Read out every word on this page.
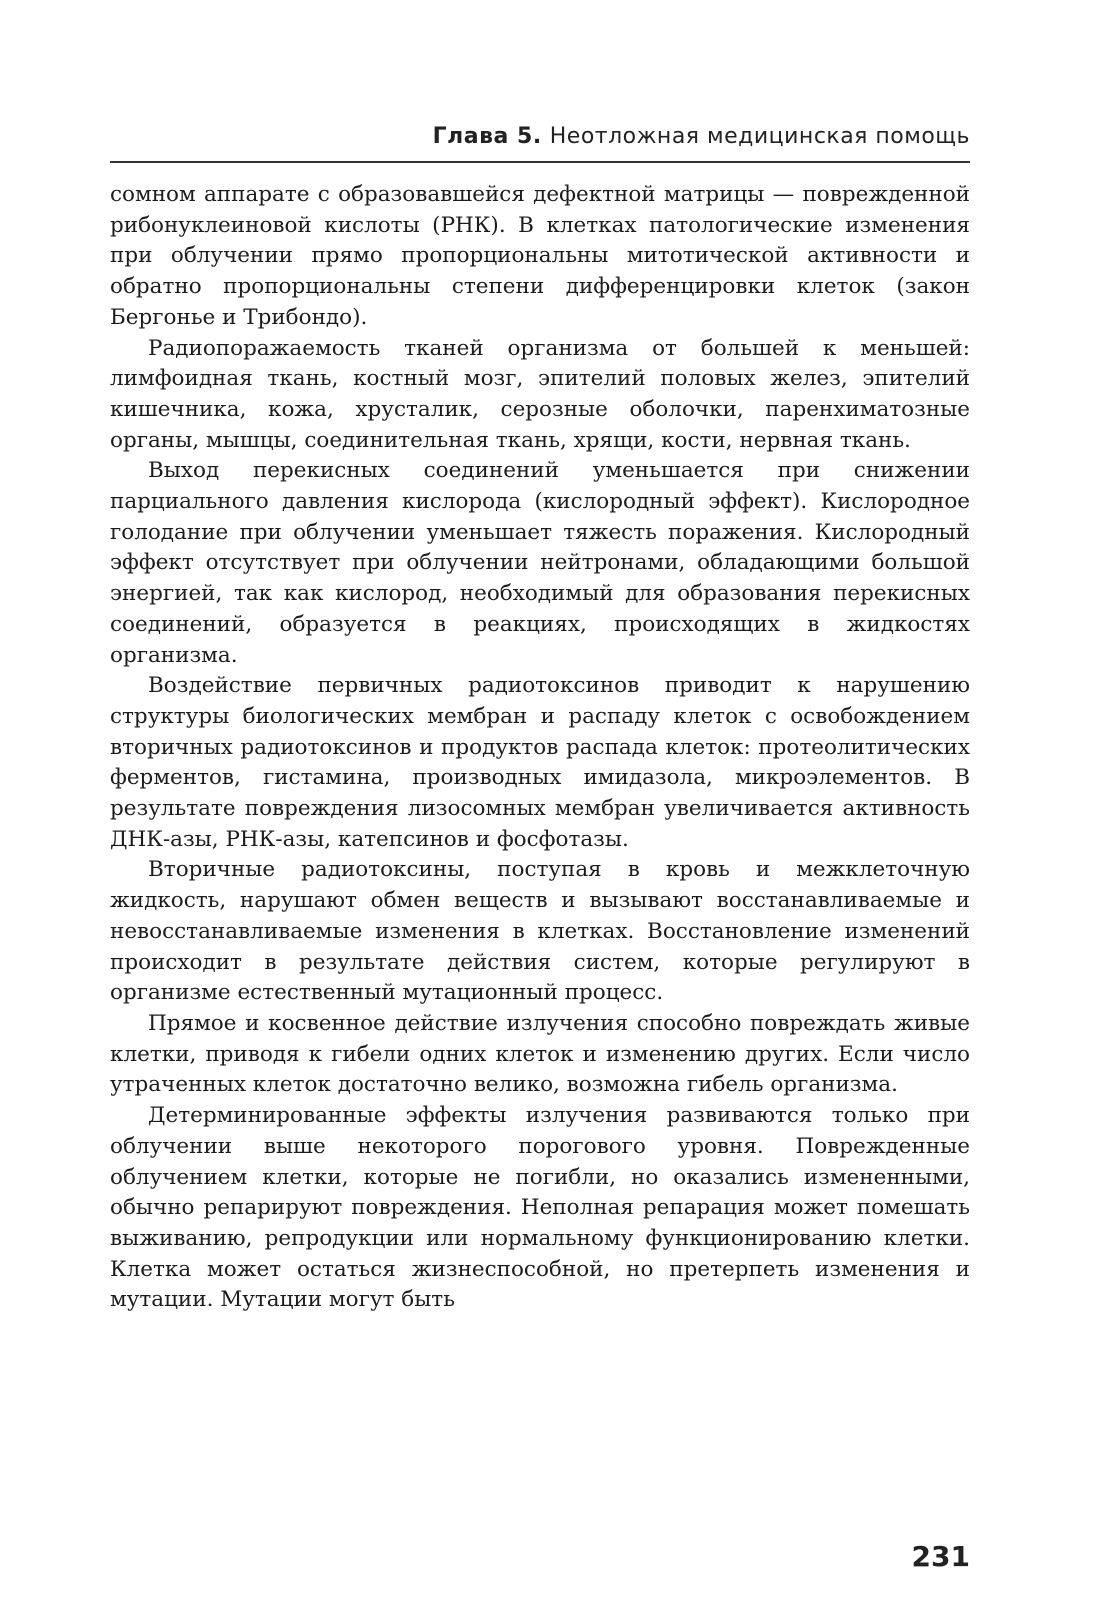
Глава 5. Неотложная медицинская помощь

сомном аппарате с образовавшейся дефектной матрицы — поврежденной рибонуклеиновой кислоты (РНК). В клетках патологические изменения при облучении прямо пропорциональны митотической активности и обратно пропорциональны степени дифференцировки клеток (закон Бергонье и Трибондо).

Радиопоражаемость тканей организма от большей к меньшей: лимфоидная ткань, костный мозг, эпителий половых желез, эпителий кишечника, кожа, хрусталик, серозные оболочки, паренхиматозные органы, мышцы, соединительная ткань, хрящи, кости, нервная ткань.

Выход перекисных соединений уменьшается при снижении парциального давления кислорода (кислородный эффект). Кислородное голодание при облучении уменьшает тяжесть поражения. Кислородный эффект отсутствует при облучении нейтронами, обладающими большой энергией, так как кислород, необходимый для образования перекисных соединений, образуется в реакциях, происходящих в жидкостях организма.

Воздействие первичных радиотоксинов приводит к нарушению структуры биологических мембран и распаду клеток с освобождением вторичных радиотоксинов и продуктов распада клеток: протеолитических ферментов, гистамина, производных имидазола, микроэлементов. В результате повреждения лизосомных мембран увеличивается активность ДНК-азы, РНК-азы, катепсинов и фосфотазы.

Вторичные радиотоксины, поступая в кровь и межклеточную жидкость, нарушают обмен веществ и вызывают восстанавливаемые и невосстанавливаемые изменения в клетках. Восстановление изменений происходит в результате действия систем, которые регулируют в организме естественный мутационный процесс.

Прямое и косвенное действие излучения способно повреждать живые клетки, приводя к гибели одних клеток и изменению других. Если число утраченных клеток достаточно велико, возможна гибель организма.

Детерминированные эффекты излучения развиваются только при облучении выше некоторого порогового уровня. Поврежденные облучением клетки, которые не погибли, но оказались измененными, обычно репарируют повреждения. Неполная репарация может помешать выживанию, репродукции или нормальному функционированию клетки. Клетка может остаться жизнеспособной, но претерпеть изменения и мутации. Мутации могут быть

231
